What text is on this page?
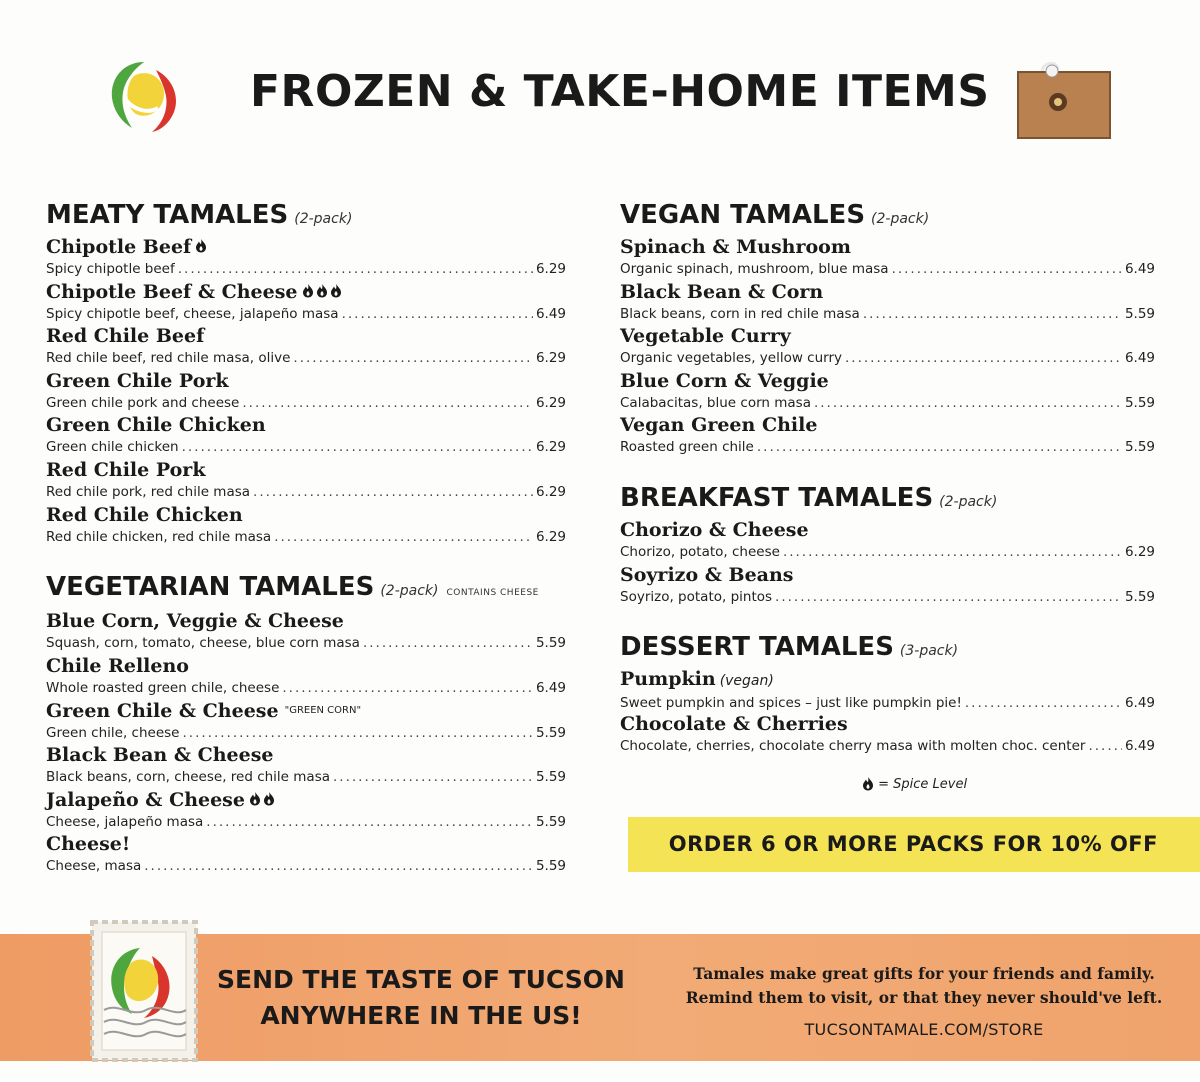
FROZEN & TAKE-HOME ITEMS
MEATY TAMALES (2-pack)
Chipotle Beef
Spicy chipotle beef .....	6.29
Chipotle Beef & Cheese
Spicy chipotle beef, cheese, jalapeño masa .....	6.49
Red Chile Beef
Red chile beef, red chile masa, olive .....	6.29
Green Chile Pork
Green chile pork and cheese .....	6.29
Green Chile Chicken
Green chile chicken .....	6.29
Red Chile Pork
Red chile pork, red chile masa .....	6.29
Red Chile Chicken
Red chile chicken, red chile masa .....	6.29
VEGETARIAN TAMALES (2-pack) CONTAINS CHEESE
Blue Corn, Veggie & Cheese
Squash, corn, tomato, cheese, blue corn masa .....	5.59
Chile Relleno
Whole roasted green chile, cheese .....	6.49
Green Chile & Cheese $^{"GREEN CORN"}$
Green chile, cheese .....	5.59
Black Bean & Cheese
Black beans, corn, cheese, red chile masa .....	5.59
Jalapeño & Cheese
Cheese, jalapeño masa .....	5.59
Cheese!
Cheese, masa .....	5.59
VEGAN TAMALES (2-pack)
Spinach & Mushroom
Organic spinach, mushroom, blue masa .....	6.49
Black Bean & Corn
Black beans, corn in red chile masa .....	5.59
Vegetable Curry
Organic vegetables, yellow curry .....	6.49
Blue Corn & Veggie
Calabacitas, blue corn masa .....	5.59
Vegan Green Chile
Roasted green chile .....	5.59
BREAKFAST TAMALES (2-pack)
Chorizo & Cheese
Chorizo, potato, cheese .....	6.29
Soyrizo & Beans
Soyrizo, potato, pintos .....	5.59
DESSERT TAMALES (3-pack)
Pumpkin (vegan)
Sweet pumpkin and spices – just like pumpkin pie! .....	6.49
Chocolate & Cherries
Chocolate, cherries, chocolate cherry masa with molten choc. center .....	6.49
= Spice Level
ORDER 6 OR MORE PACKS FOR 10% OFF
SEND THE TASTE OF TUCSON
ANYWHERE IN THE US!
Tamales make great gifts for your friends and family.
Remind them to visit, or that they never should've left.
TUCSONTAMALE.COM/STORE
